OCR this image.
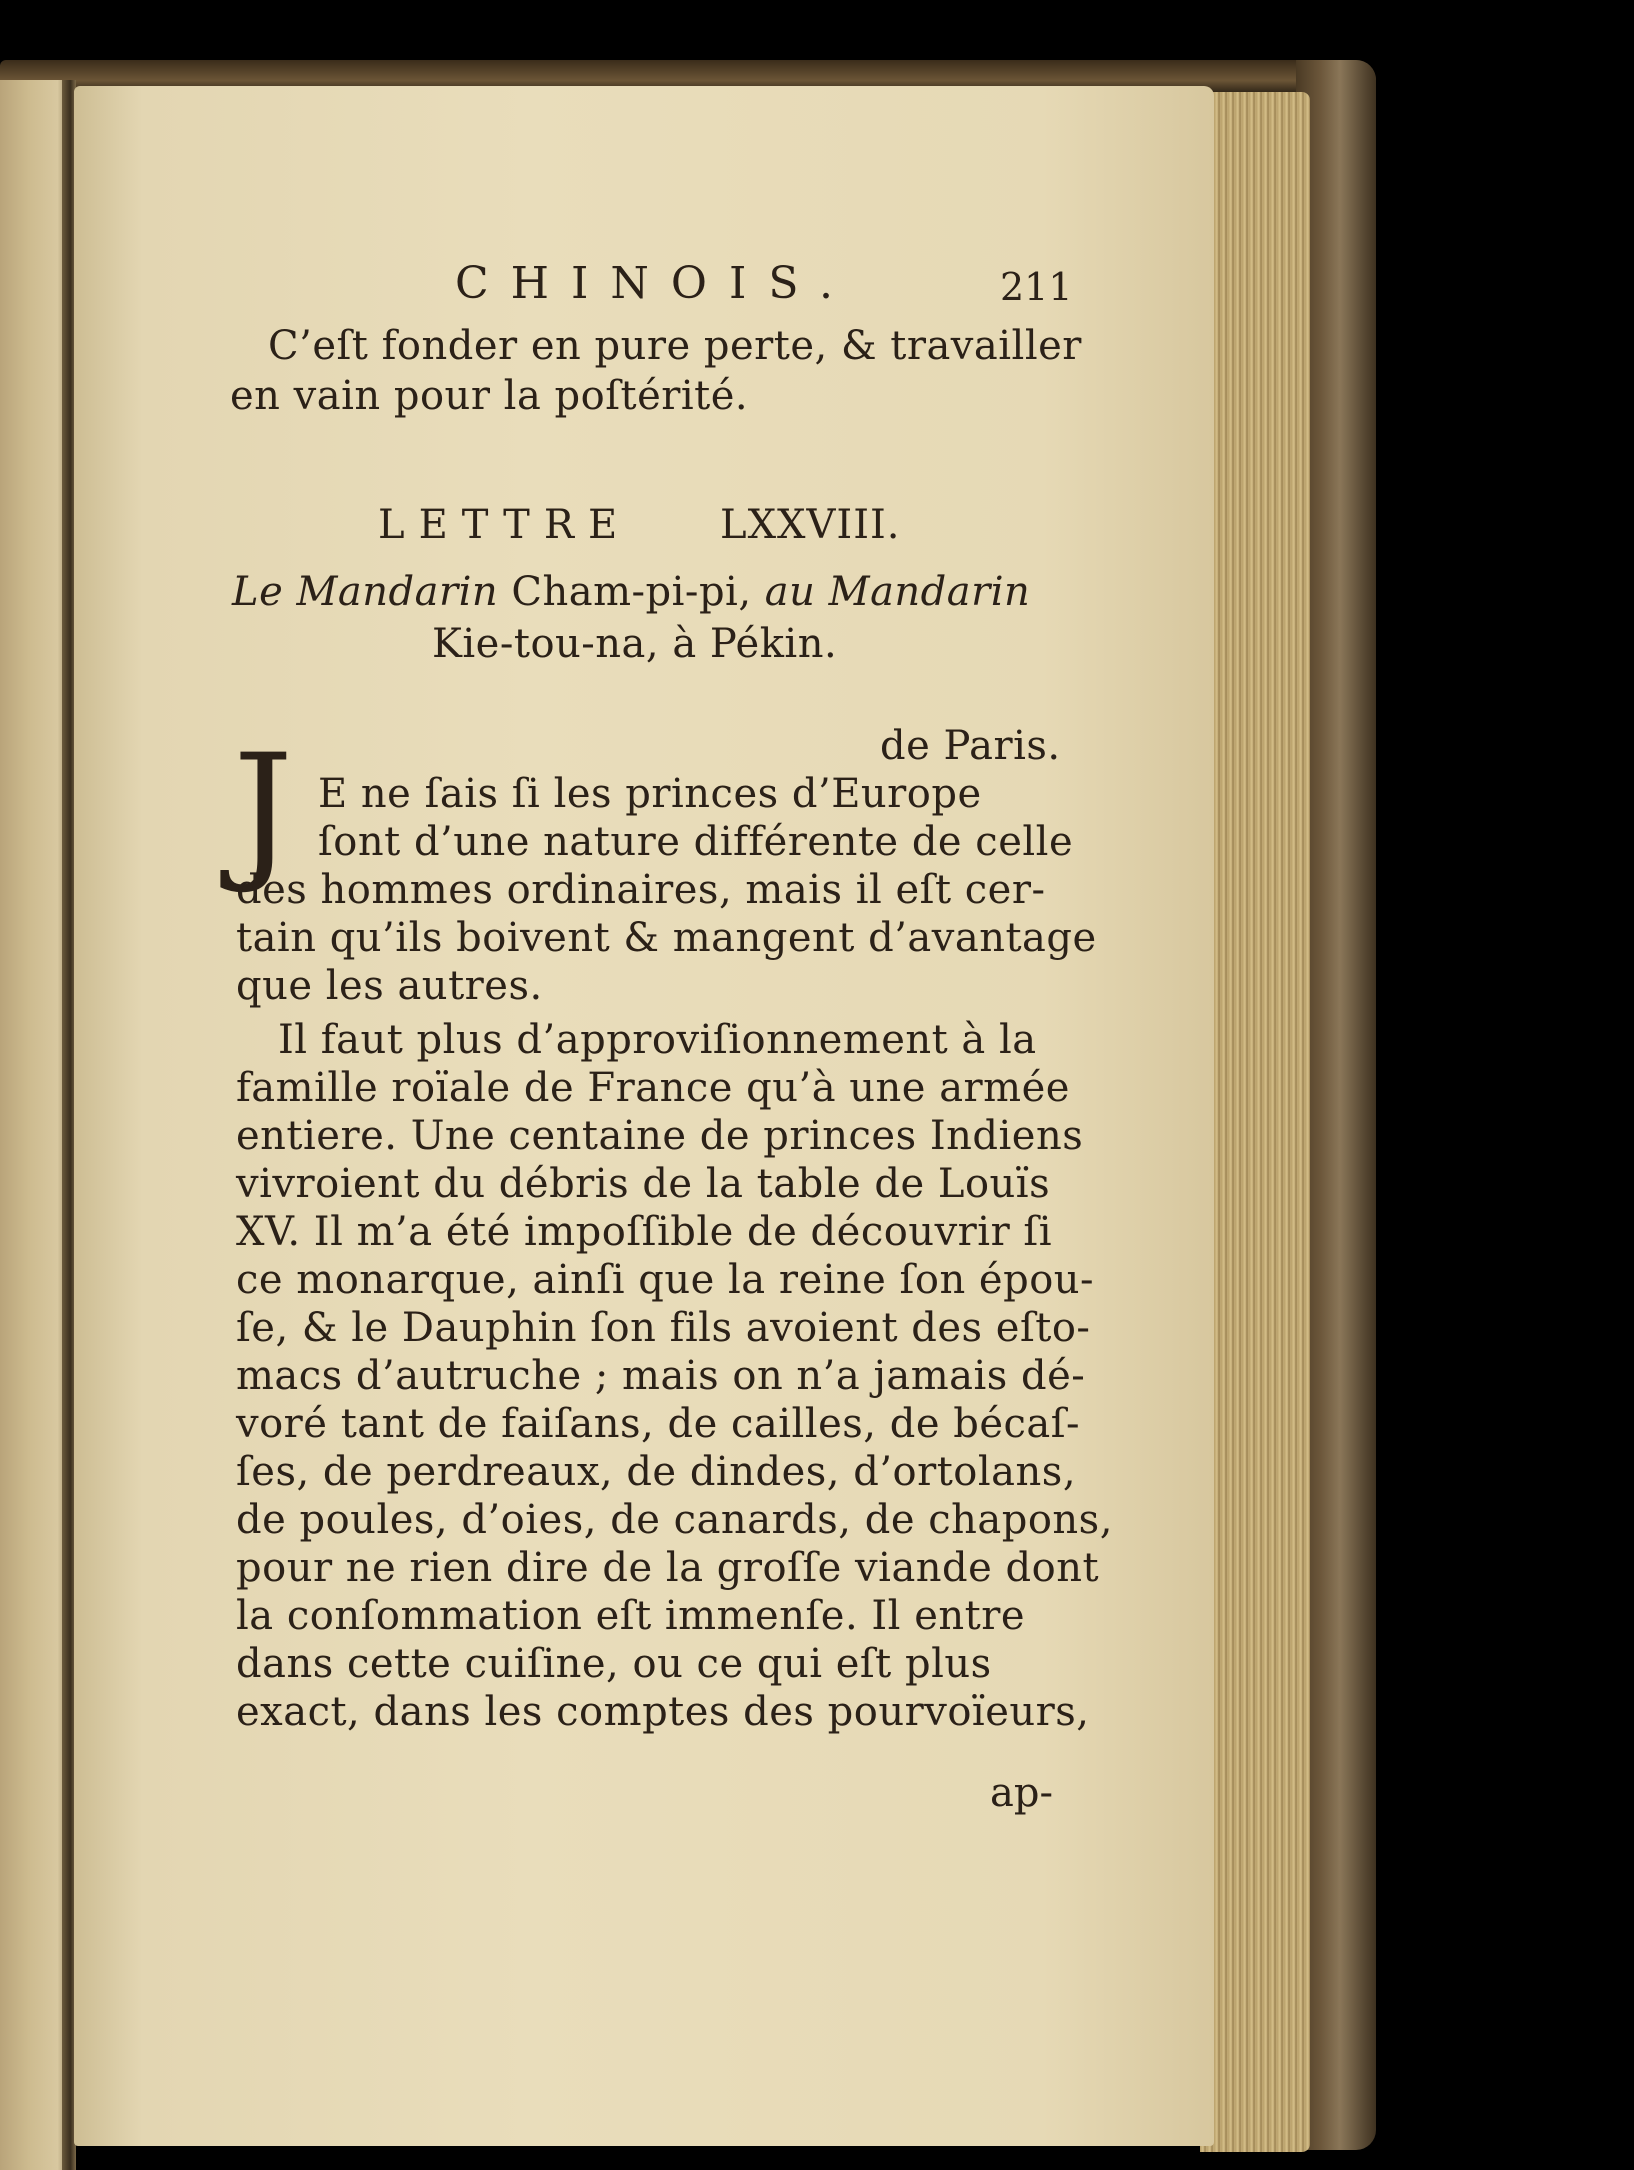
CHINOIS.	211
C’eſt fonder en pure perte, & travailler
en vain pour la poſtérité.
LETTRE LXXVIII.
Le Mandarin Cham-pi-pi, au Mandarin
Kie-tou-na, à Pékin.
de Paris.
J E ne ſais ſi les princes d’Europe
ſont d’une nature différente de celle
des hommes ordinaires, mais il eſt cer-
tain qu’ils boivent & mangent d’avantage
que les autres.
Il faut plus d’approviſionnement à la
famille roïale de France qu’à une armée
entiere. Une centaine de princes Indiens
vivroient du débris de la table de Louïs
XV. Il m’a été impoſſible de découvrir ſi
ce monarque, ainſi que la reine ſon épou-
ſe, & le Dauphin ſon fils avoient des eſto-
macs d’autruche ; mais on n’a jamais dé-
voré tant de faiſans, de cailles, de bécaſ-
ſes, de perdreaux, de dindes, d’ortolans,
de poules, d’oies, de canards, de chapons,
pour ne rien dire de la groſſe viande dont
la conſommation eſt immenſe. Il entre
dans cette cuiſine, ou ce qui eſt plus
exact, dans les comptes des pourvoïeurs,
ap-
